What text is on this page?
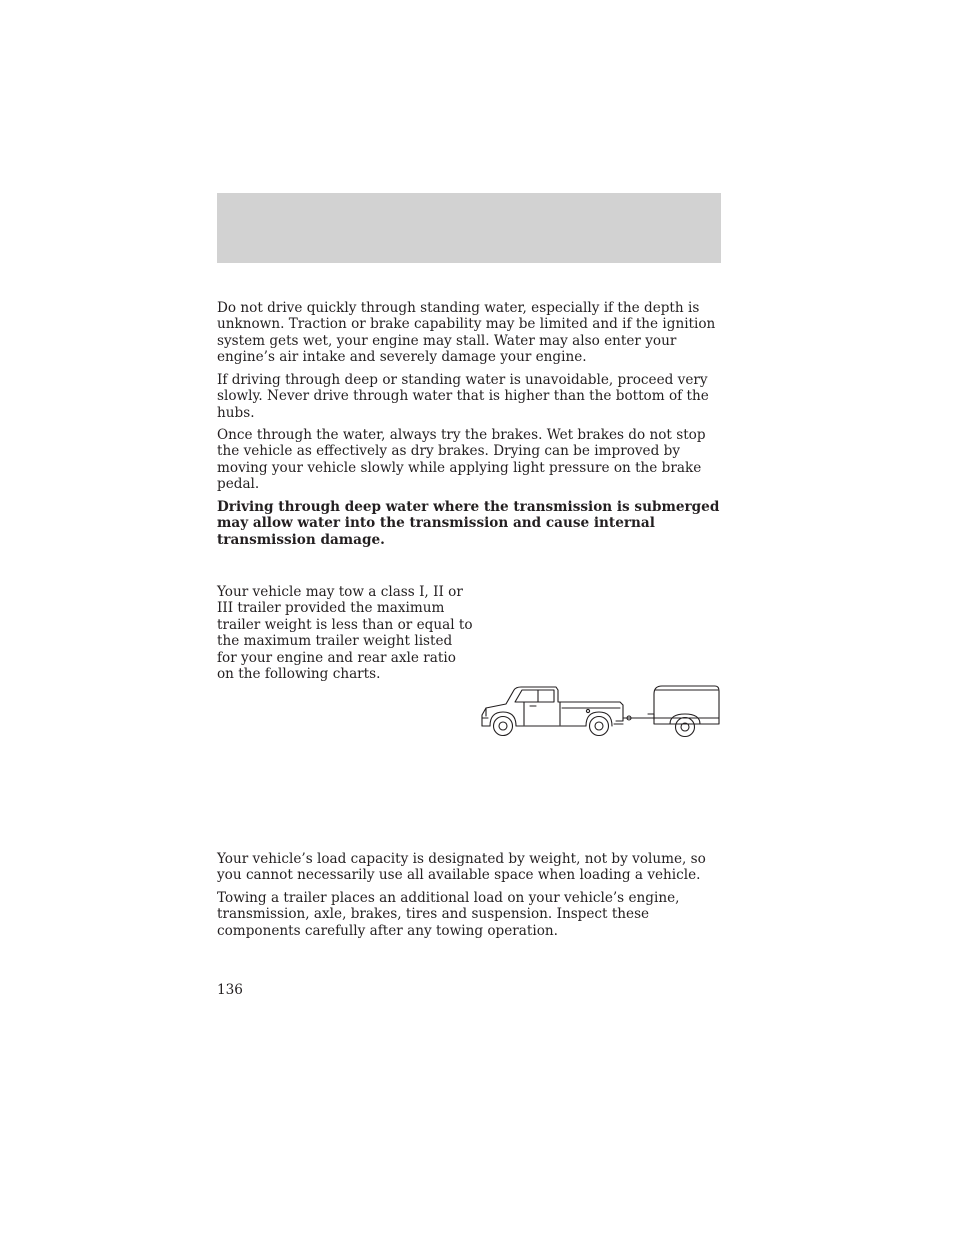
Do not drive quickly through standing water, especially if the depth is
unknown. Traction or brake capability may be limited and if the ignition
system gets wet, your engine may stall. Water may also enter your
engine’s air intake and severely damage your engine.

If driving through deep or standing water is unavoidable, proceed very
slowly. Never drive through water that is higher than the bottom of the
hubs.

Once through the water, always try the brakes. Wet brakes do not stop
the vehicle as effectively as dry brakes. Drying can be improved by
moving your vehicle slowly while applying light pressure on the brake
pedal.

Driving through deep water where the transmission is submerged
may allow water into the transmission and cause internal
transmission damage.

Your vehicle may tow a class I, II or
III trailer provided the maximum
trailer weight is less than or equal to
the maximum trailer weight listed
for your engine and rear axle ratio
on the following charts.

Your vehicle’s load capacity is designated by weight, not by volume, so
you cannot necessarily use all available space when loading a vehicle.

Towing a trailer places an additional load on your vehicle’s engine,
transmission, axle, brakes, tires and suspension. Inspect these
components carefully after any towing operation.

136
